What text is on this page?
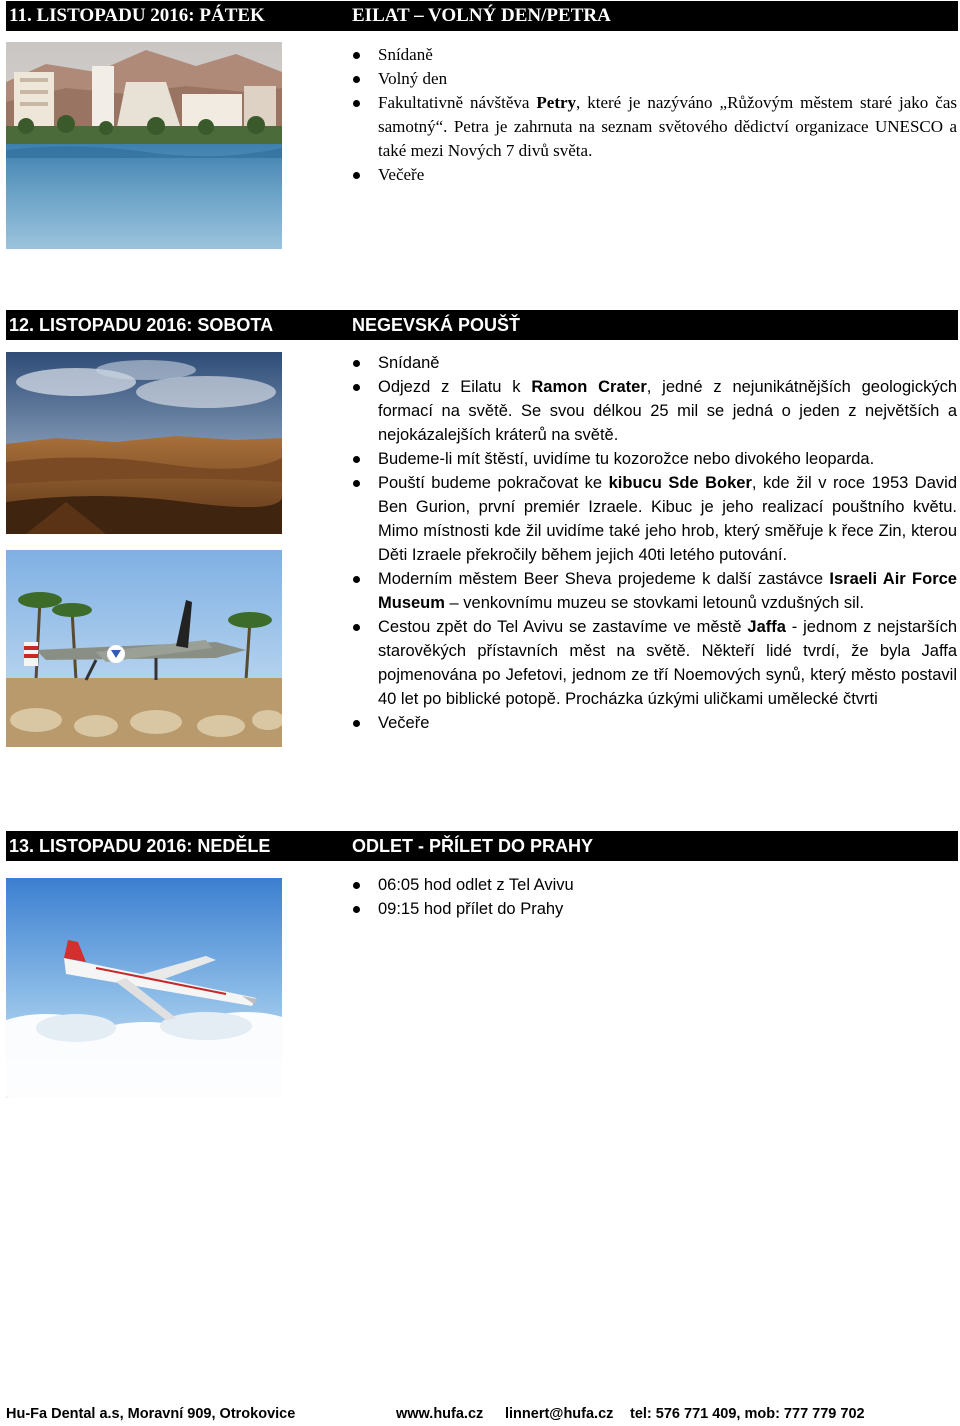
11. LISTOPADU 2016: PÁTEK	EILAT – VOLNÝ DEN/PETRA
Snídaně
Volný den
Fakultativně návštěva Petry, které je nazýváno „Růžovým městem staré jako čas samotný“. Petra je zahrnuta na seznam světového dědictví organizace UNESCO a také mezi Nových 7 divů světa.
Večeře
12. LISTOPADU 2016: SOBOTA	NEGEVSKÁ POUŠŤ
Snídaně
Odjezd z Eilatu k Ramon Crater, jedné z nejunikátnějších geologických formací na světě. Se svou délkou 25 mil se jedná o jeden z největších a nejokázalejších kráterů na světě.
Budeme-li mít štěstí, uvidíme tu kozorožce nebo divokého leoparda.
Pouští budeme pokračovat ke kibucu Sde Boker, kde žil v roce 1953 David Ben Gurion, první premiér Izraele. Kibuc je jeho realizací pouštního květu. Mimo místnosti kde žil uvidíme také jeho hrob, který směřuje k řece Zin, kterou Děti Izraele překročily během jejich 40ti letého putování.
Moderním městem Beer Sheva projedeme k další zastávce Israeli Air Force Museum – venkovnímu muzeu se stovkami letounů vzdušných sil.
Cestou zpět do Tel Avivu se zastavíme ve městě Jaffa - jednom z nejstarších starověkých přístavních měst na světě. Někteří lidé tvrdí, že byla Jaffa pojmenována po Jefetovi, jednom ze tří Noemových synů, který město postavil 40 let po biblické potopě. Procházka úzkými uličkami umělecké čtvrti
Večeře
13. LISTOPADU 2016: NEDĚLE	ODLET - PŘÍLET DO PRAHY
06:05 hod odlet z Tel Avivu
09:15 hod přílet do Prahy
Hu-Fa Dental a.s, Moravní 909, Otrokovice	www.hufa.cz linnert@hufa.cz tel: 576 771 409, mob: 777 779 702
